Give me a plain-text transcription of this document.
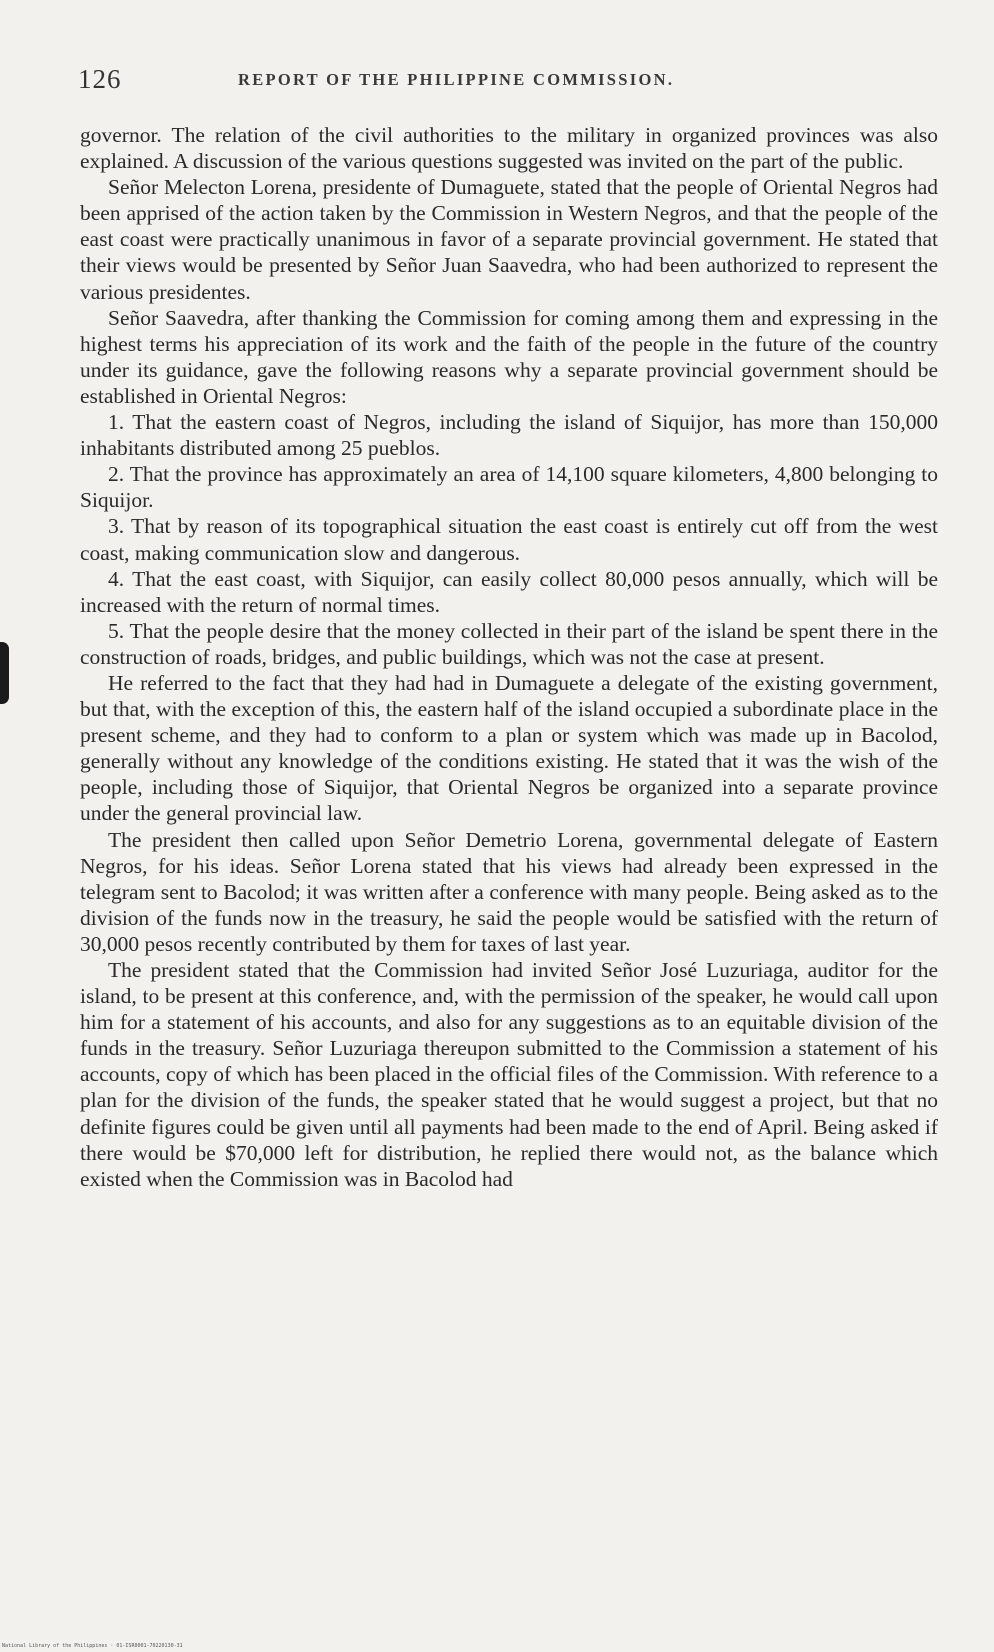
126	REPORT OF THE PHILIPPINE COMMISSION.

governor. The relation of the civil authorities to the military in organized provinces was also explained. A discussion of the various questions suggested was invited on the part of the public.

Señor Melecton Lorena, presidente of Dumaguete, stated that the people of Oriental Negros had been apprised of the action taken by the Commission in Western Negros, and that the people of the east coast were practically unanimous in favor of a separate provincial government. He stated that their views would be presented by Señor Juan Saavedra, who had been authorized to represent the various presidentes.

Señor Saavedra, after thanking the Commission for coming among them and expressing in the highest terms his appreciation of its work and the faith of the people in the future of the country under its guidance, gave the following reasons why a separate provincial government should be established in Oriental Negros:

1. That the eastern coast of Negros, including the island of Siquijor, has more than 150,000 inhabitants distributed among 25 pueblos.

2. That the province has approximately an area of 14,100 square kilometers, 4,800 belonging to Siquijor.

3. That by reason of its topographical situation the east coast is entirely cut off from the west coast, making communication slow and dangerous.

4. That the east coast, with Siquijor, can easily collect 80,000 pesos annually, which will be increased with the return of normal times.

5. That the people desire that the money collected in their part of the island be spent there in the construction of roads, bridges, and public buildings, which was not the case at present.

He referred to the fact that they had had in Dumaguete a delegate of the existing government, but that, with the exception of this, the eastern half of the island occupied a subordinate place in the present scheme, and they had to conform to a plan or system which was made up in Bacolod, generally without any knowledge of the conditions existing. He stated that it was the wish of the people, including those of Siquijor, that Oriental Negros be organized into a separate province under the general provincial law.

The president then called upon Señor Demetrio Lorena, governmental delegate of Eastern Negros, for his ideas. Señor Lorena stated that his views had already been expressed in the telegram sent to Bacolod; it was written after a conference with many people. Being asked as to the division of the funds now in the treasury, he said the people would be satisfied with the return of 30,000 pesos recently contributed by them for taxes of last year.

The president stated that the Commission had invited Señor José Luzuriaga, auditor for the island, to be present at this conference, and, with the permission of the speaker, he would call upon him for a statement of his accounts, and also for any suggestions as to an equitable division of the funds in the treasury. Señor Luzuriaga thereupon submitted to the Commission a statement of his accounts, copy of which has been placed in the official files of the Commission. With reference to a plan for the division of the funds, the speaker stated that he would suggest a project, but that no definite figures could be given until all payments had been made to the end of April. Being asked if there would be $70,000 left for distribution, he replied there would not, as the balance which existed when the Commission was in Bacolod had

National Library of the Philippines · 01-ISR0001-70220130-31
